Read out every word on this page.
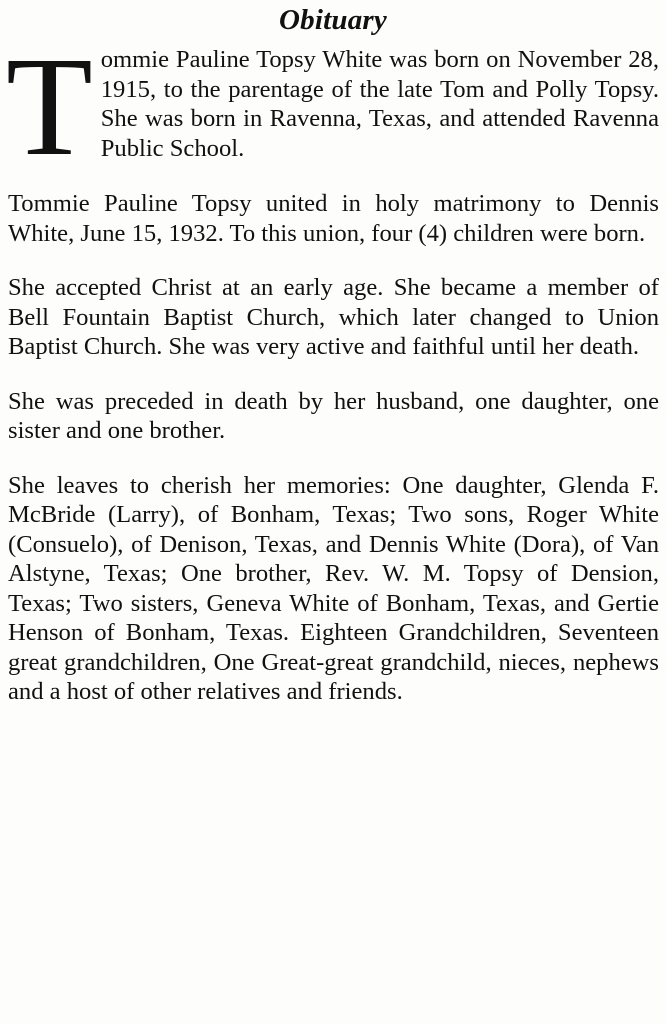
Obituary

Tommie Pauline Topsy White was born on November 28, 1915, to the parentage of the late Tom and Polly Topsy. She was born in Ravenna, Texas, and attended Ravenna Public School.

Tommie Pauline Topsy united in holy matrimony to Dennis White, June 15, 1932. To this union, four (4) children were born.

She accepted Christ at an early age. She became a member of Bell Fountain Baptist Church, which later changed to Union Baptist Church. She was very active and faithful until her death.

She was preceded in death by her husband, one daughter, one sister and one brother.

She leaves to cherish her memories: One daughter, Glenda F. McBride (Larry), of Bonham, Texas; Two sons, Roger White (Consuelo), of Denison, Texas, and Dennis White (Dora), of Van Alstyne, Texas; One brother, Rev. W. M. Topsy of Dension, Texas; Two sisters, Geneva White of Bonham, Texas, and Gertie Henson of Bonham, Texas. Eighteen Grandchildren, Seventeen great grandchildren, One Great-great grandchild, nieces, nephews and a host of other relatives and friends.
